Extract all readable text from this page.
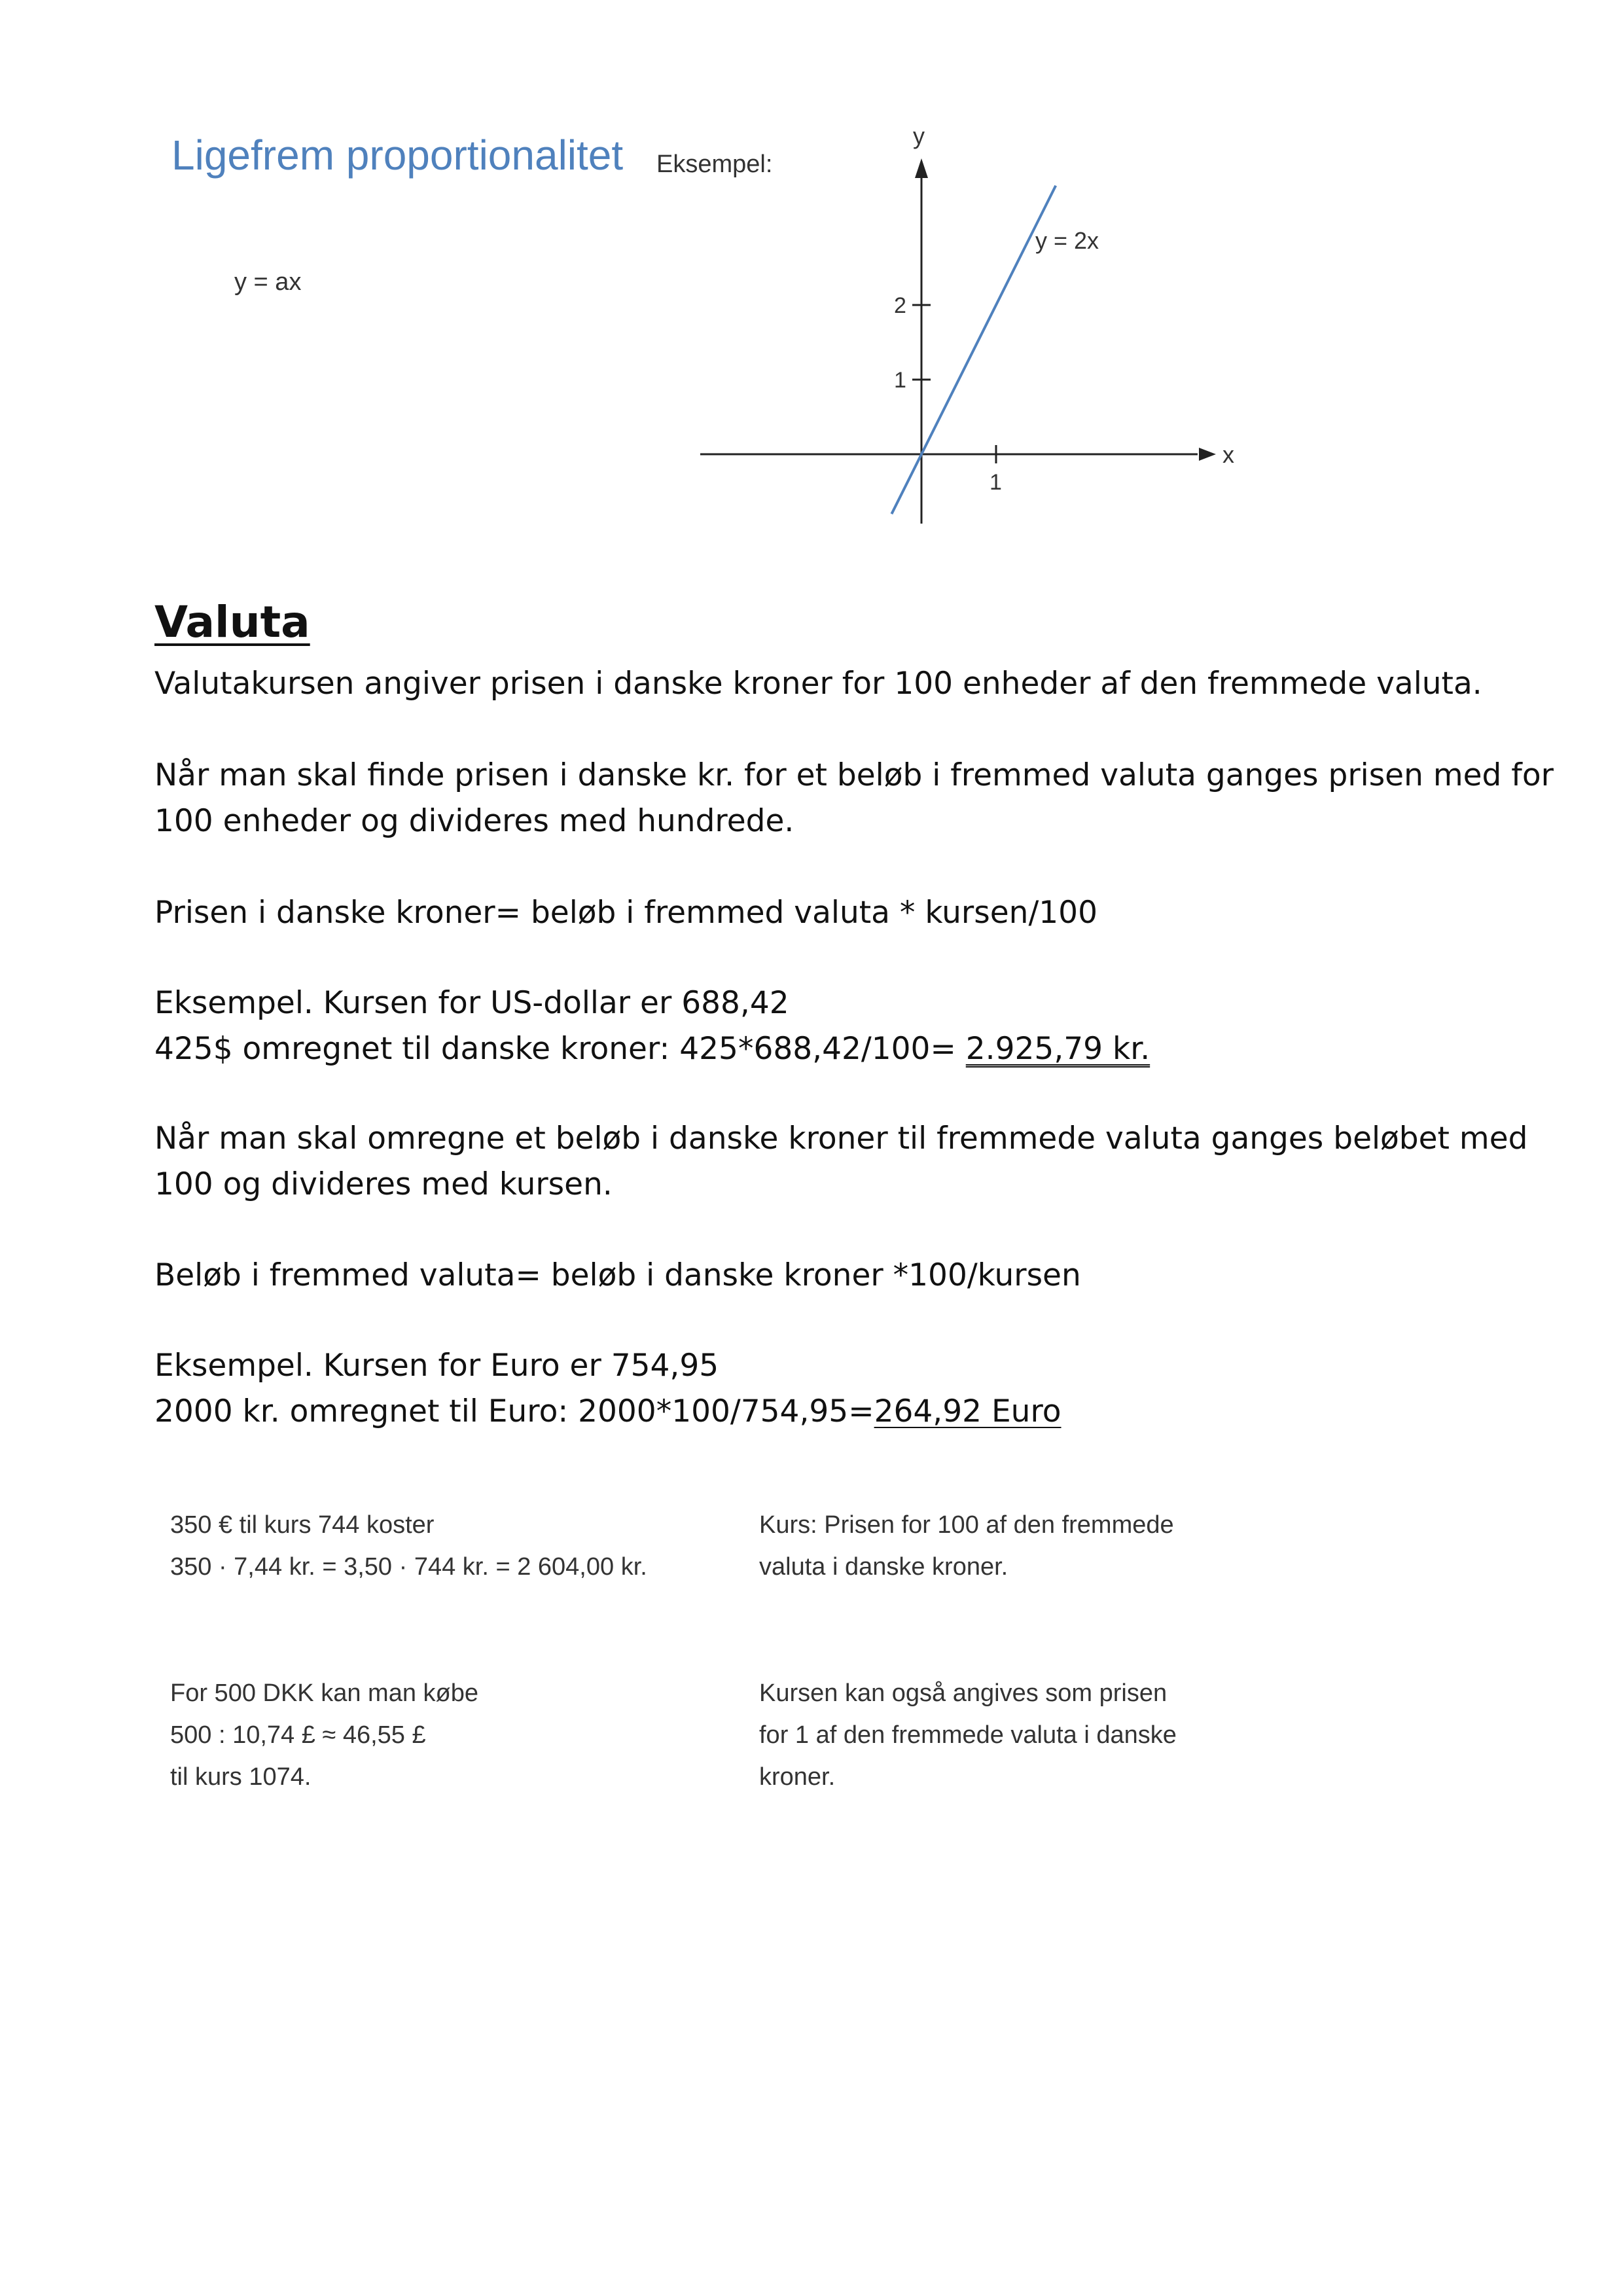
Ligefrem proportionalitet
y = ax
Eksempel:
x
y
y = 2x
1
1
2
Valuta
Valutakursen angiver prisen i danske kroner for 100 enheder af den fremmede valuta.
Når man skal finde prisen i danske kr. for et beløb i fremmed valuta ganges prisen med for 100 enheder og divideres med hundrede.
Prisen i danske kroner= beløb i fremmed valuta * kursen/100
Eksempel. Kursen for US-dollar er 688,42
425$ omregnet til danske kroner: 425*688,42/100= 2.925,79 kr.
Når man skal omregne et beløb i danske kroner til fremmede valuta ganges beløbet med 100 og divideres med kursen.
Beløb i fremmed valuta= beløb i danske kroner *100/kursen
Eksempel. Kursen for Euro er 754,95
2000 kr. omregnet til Euro: 2000*100/754,95=264,92 Euro
350 € til kurs 744 koster
350 · 7,44 kr. = 3,50 · 744 kr. = 2 604,00 kr.
Kurs: Prisen for 100 af den fremmede
valuta i danske kroner.
For 500 DKK kan man købe
500 : 10,74 £ ≈ 46,55 £
til kurs 1074.
Kursen kan også angives som prisen
for 1 af den fremmede valuta i danske
kroner.
